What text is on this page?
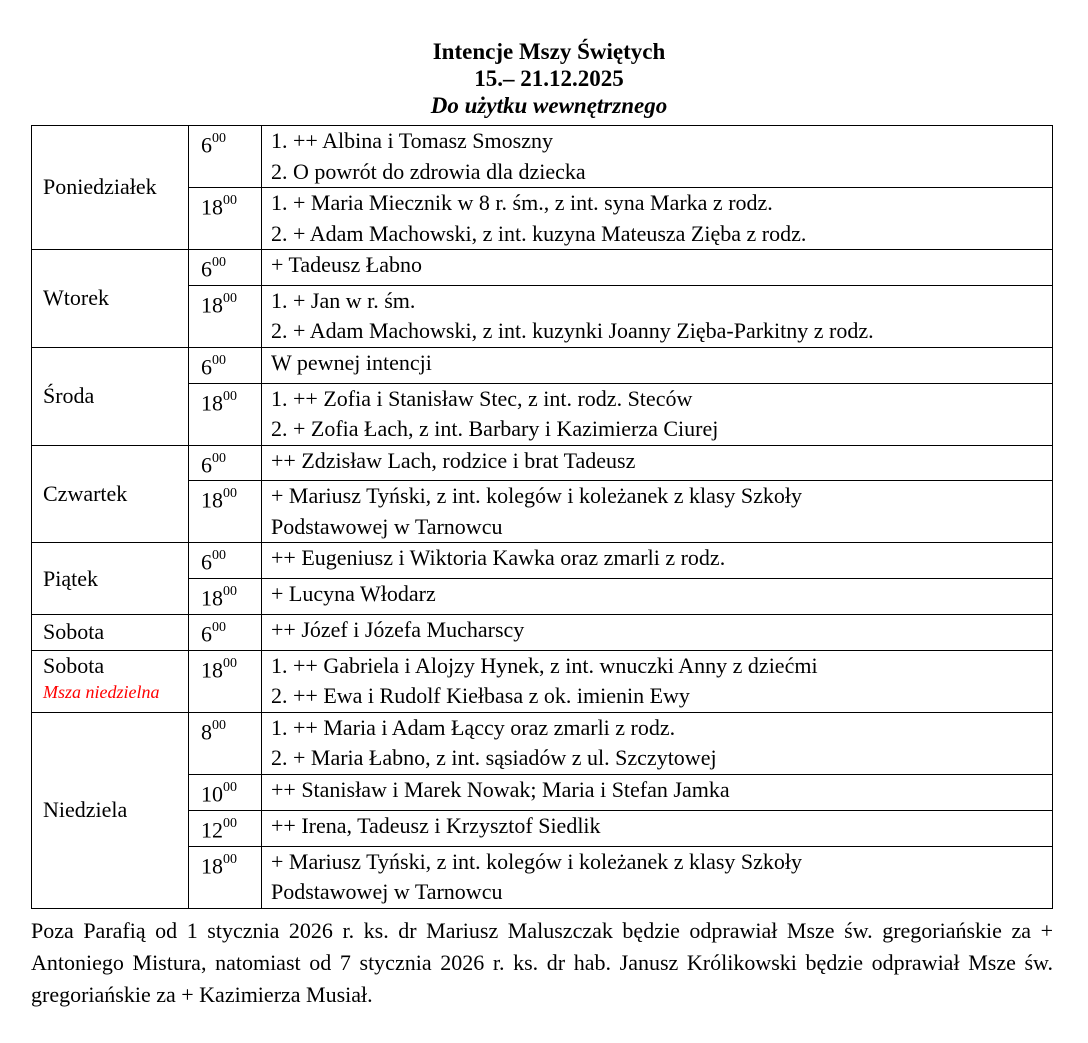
Intencje Mszy Świętych
15.– 21.12.2025
Do użytku wewnętrznego
Poniedziałek	$6^{00}$	1. ++ Albina i Tomasz Smoszny
2. O powrót do zdrowia dla dziecka

	$18^{00}$	1. + Maria Miecznik w 8 r. śm., z int. syna Marka z rodz.
2. + Adam Machowski, z int. kuzyna Mateusza Zięba z rodz.

Wtorek	$6^{00}$	+ Tadeusz Łabno

	$18^{00}$	1. + Jan w r. śm.
2. + Adam Machowski, z int. kuzynki Joanny Zięba-Parkitny z rodz.

Środa	$6^{00}$	W pewnej intencji

	$18^{00}$	1. ++ Zofia i Stanisław Stec, z int. rodz. Steców
2. + Zofia Łach, z int. Barbary i Kazimierza Ciurej

Czwartek	$6^{00}$	++ Zdzisław Lach, rodzice i brat Tadeusz

	$18^{00}$	+ Mariusz Tyński, z int. kolegów i koleżanek z klasy Szkoły
Podstawowej w Tarnowcu

Piątek	$6^{00}$	++ Eugeniusz i Wiktoria Kawka oraz zmarli z rodz.

	$18^{00}$	+ Lucyna Włodarz

Sobota	$6^{00}$	++ Józef i Józefa Mucharscy

Sobota
Msza niedzielna	$18^{00}$	1. ++ Gabriela i Alojzy Hynek, z int. wnuczki Anny z dziećmi
2. ++ Ewa i Rudolf Kiełbasa z ok. imienin Ewy

Niedziela	$8^{00}$	1. ++ Maria i Adam Łąccy oraz zmarli z rodz.
2. + Maria Łabno, z int. sąsiadów z ul. Szczytowej

	$10^{00}$	++ Stanisław i Marek Nowak; Maria i Stefan Jamka

	$12^{00}$	++ Irena, Tadeusz i Krzysztof Siedlik

	$18^{00}$	+ Mariusz Tyński, z int. kolegów i koleżanek z klasy Szkoły
Podstawowej w Tarnowcu
Poza Parafią od 1 stycznia 2026 r. ks. dr Mariusz Maluszczak będzie odprawiał Msze św. gregoriańskie za + Antoniego Mistura, natomiast od 7 stycznia 2026 r. ks. dr hab. Janusz Królikowski będzie odprawiał Msze św. gregoriańskie za + Kazimierza Musiał.
